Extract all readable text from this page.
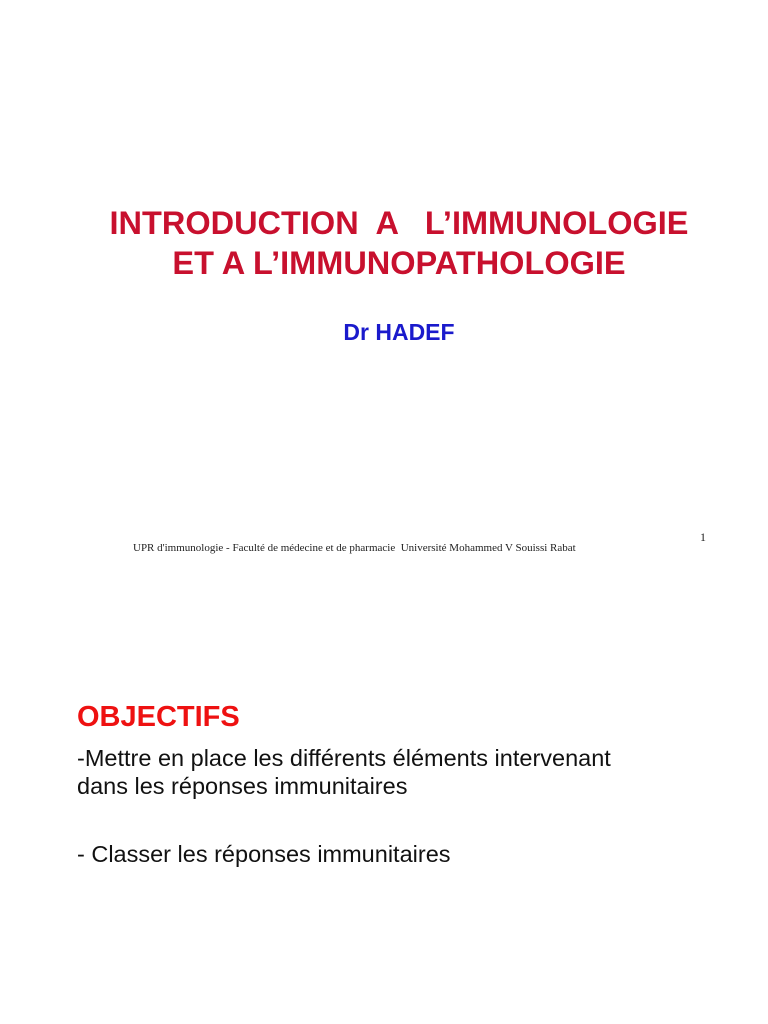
INTRODUCTION  A   L’IMMUNOLOGIE
ET A L’IMMUNOPATHOLOGIE

Dr HADEF

1
UPR d'immunologie - Faculté de médecine et de pharmacie  Université Mohammed V Souissi Rabat
OBJECTIFS

-Mettre en place les différents éléments intervenant dans les réponses immunitaires

- Classer les réponses immunitaires
